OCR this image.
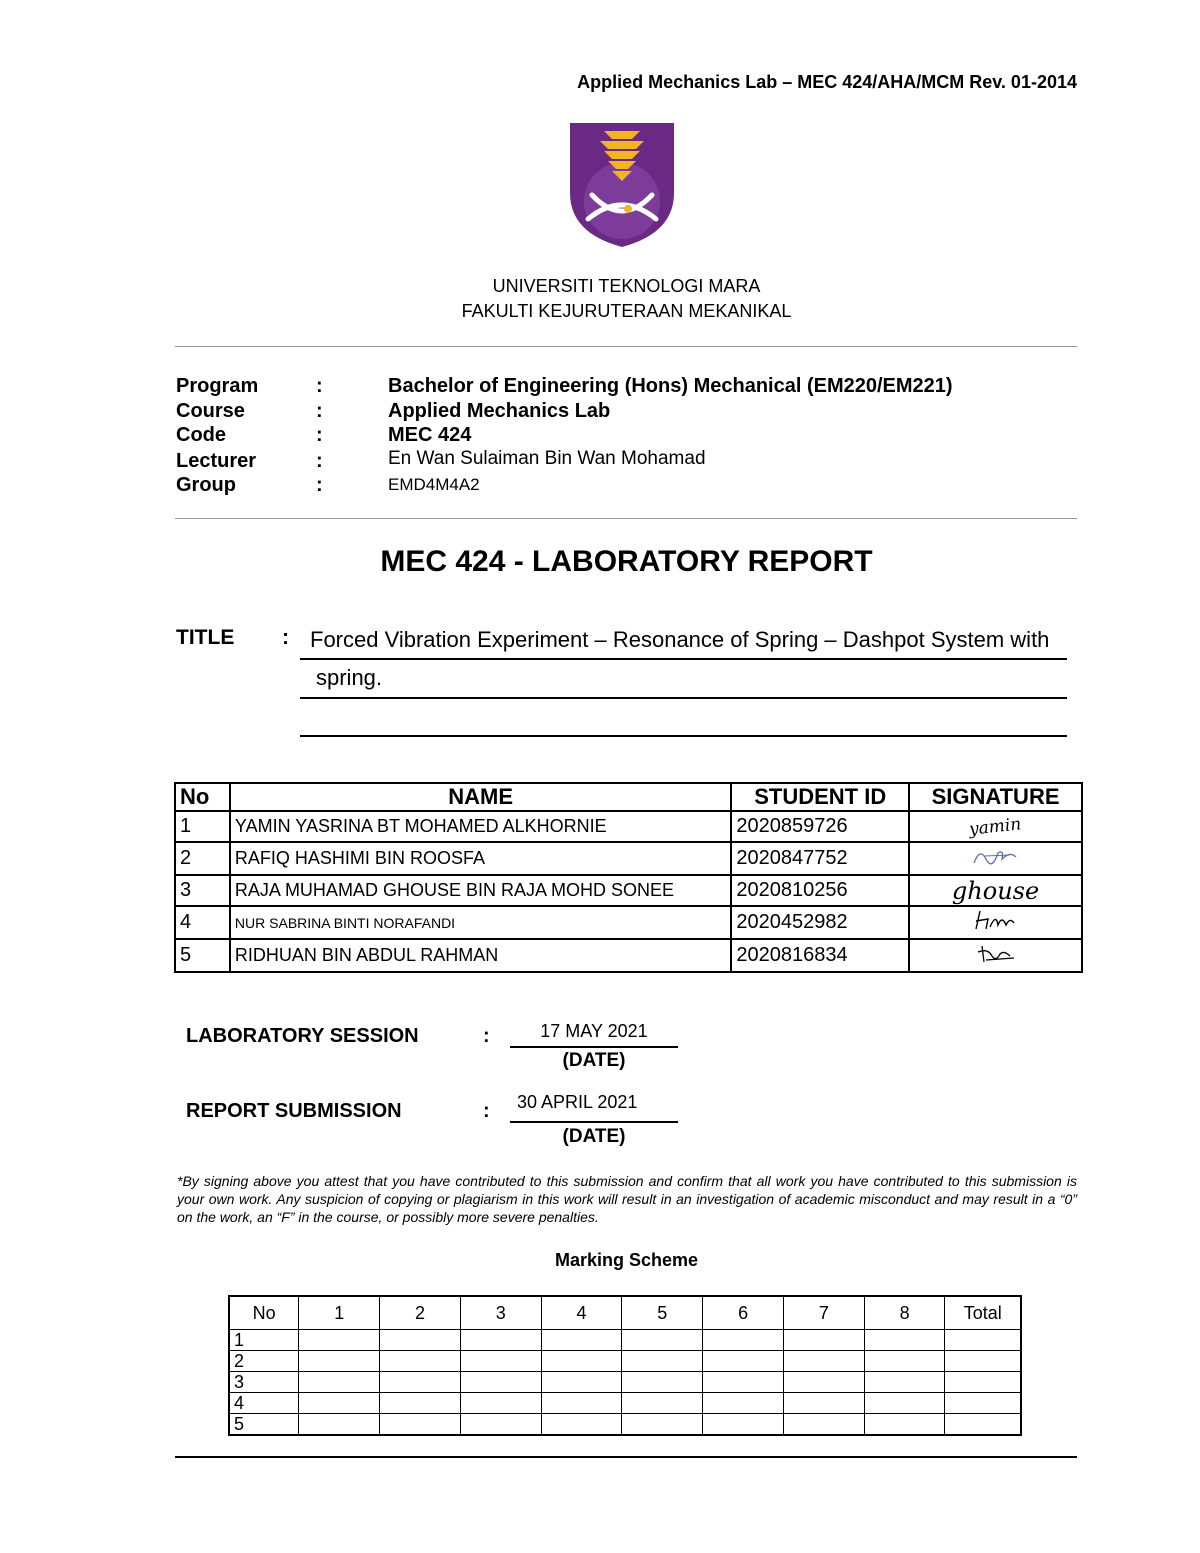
Applied Mechanics Lab – MEC 424/AHA/MCM Rev. 01-2014
UNIVERSITI TEKNOLOGI MARA
FAKULTI KEJURUTERAAN MEKANIKAL
Program	:	Bachelor of Engineering (Hons) Mechanical (EM220/EM221)
Course	:	Applied Mechanics Lab
Code	:	MEC 424
Lecturer	:	En Wan Sulaiman Bin Wan Mohamad
Group	:	EMD4M4A2
MEC 424 - LABORATORY REPORT
TITLE : Forced Vibration Experiment – Resonance of Spring – Dashpot System with
spring.
No	NAME	STUDENT ID	SIGNATURE
1	YAMIN YASRINA BT MOHAMED ALKHORNIE	2020859726	yamin
2	RAFIQ HASHIMI BIN ROOSFA	2020847752	
3	RAJA MUHAMAD GHOUSE BIN RAJA MOHD SONEE	2020810256	ghouse
4	NUR SABRINA BINTI NORAFANDI	2020452982	
5	RIDHUAN BIN ABDUL RAHMAN	2020816834	
LABORATORY SESSION	:	17 MAY 2021
(DATE)
REPORT SUBMISSION	:	30 APRIL 2021
(DATE)
*By signing above you attest that you have contributed to this submission and confirm that all work you have contributed to this submission is your own work. Any suspicion of copying or plagiarism in this work will result in an investigation of academic misconduct and may result in a “0” on the work, an “F” in the course, or possibly more severe penalties.
Marking Scheme
No	1	2	3	4	5	6	7	8	Total
1									
2									
3									
4									
5									
